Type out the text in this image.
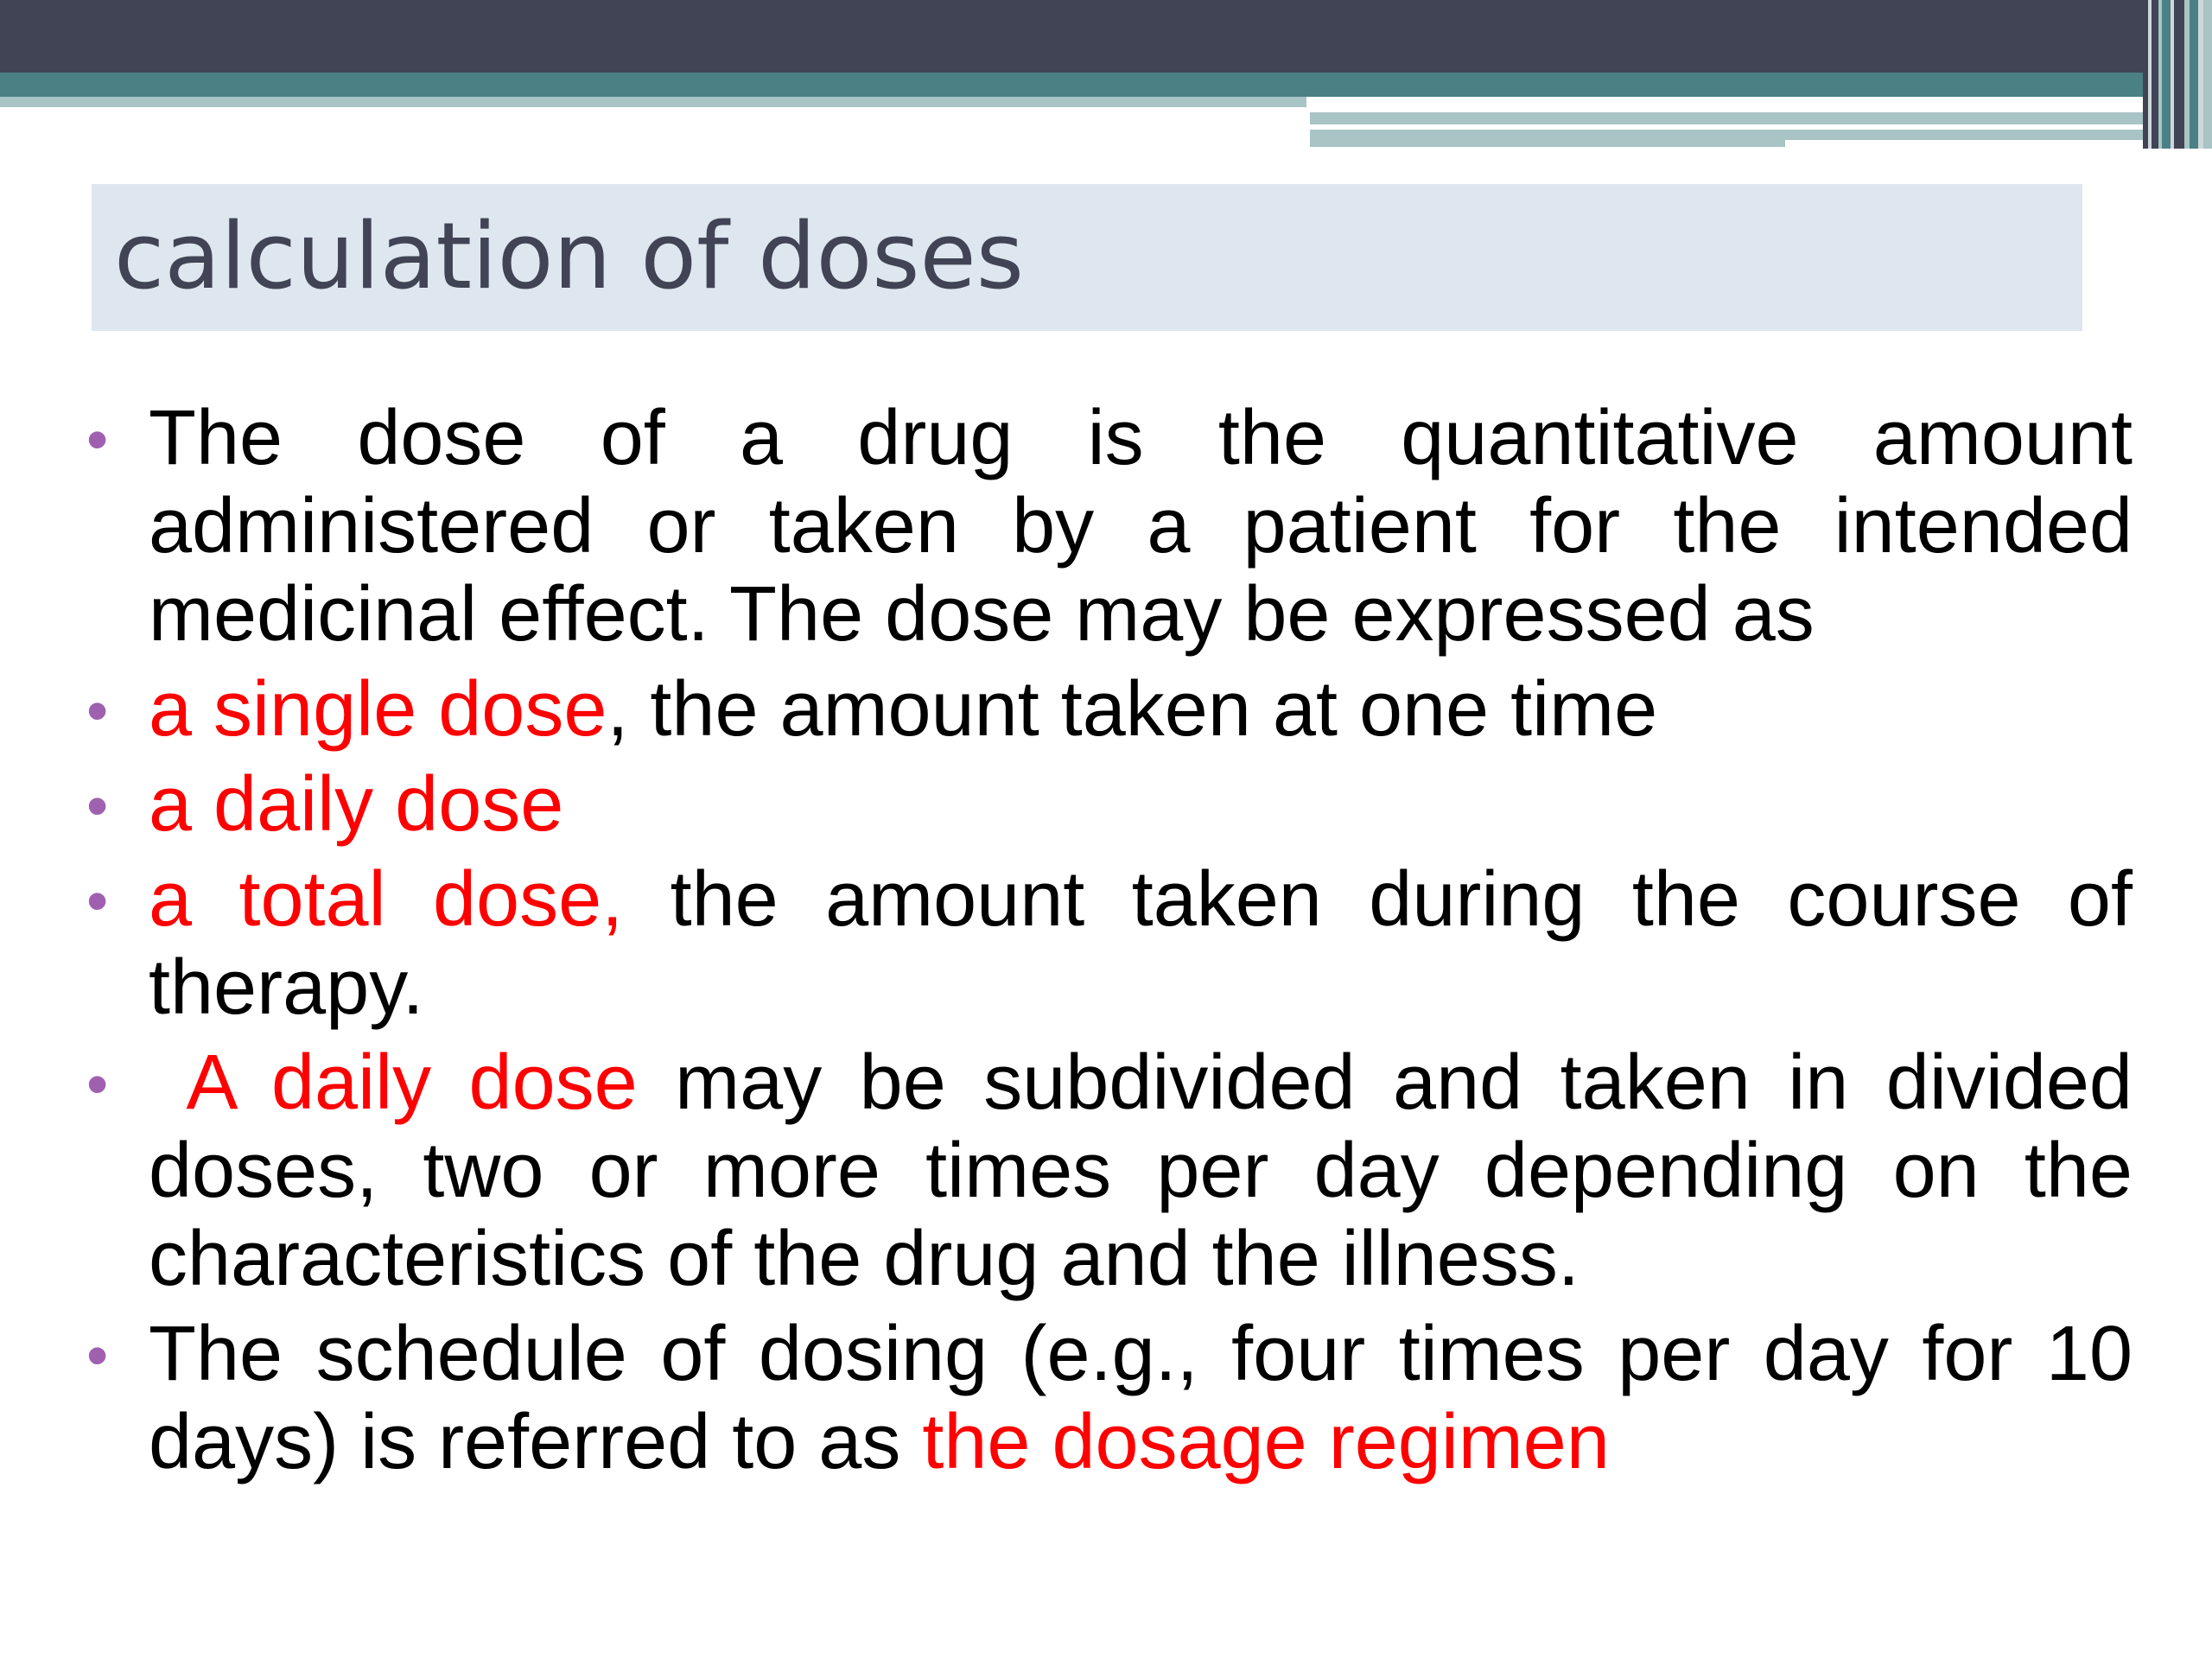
calculation of doses
• The dose of a drug is the quantitative amount administered or taken by a patient for the intended medicinal effect. The dose may be expressed as
• a single dose, the amount taken at one time
• a daily dose
• a total dose, the amount taken during the course of therapy.
• A daily dose may be subdivided and taken in divided doses, two or more times per day depending on the characteristics of the drug and the illness.
• The schedule of dosing (e.g., four times per day for 10 days) is referred to as the dosage regimen
